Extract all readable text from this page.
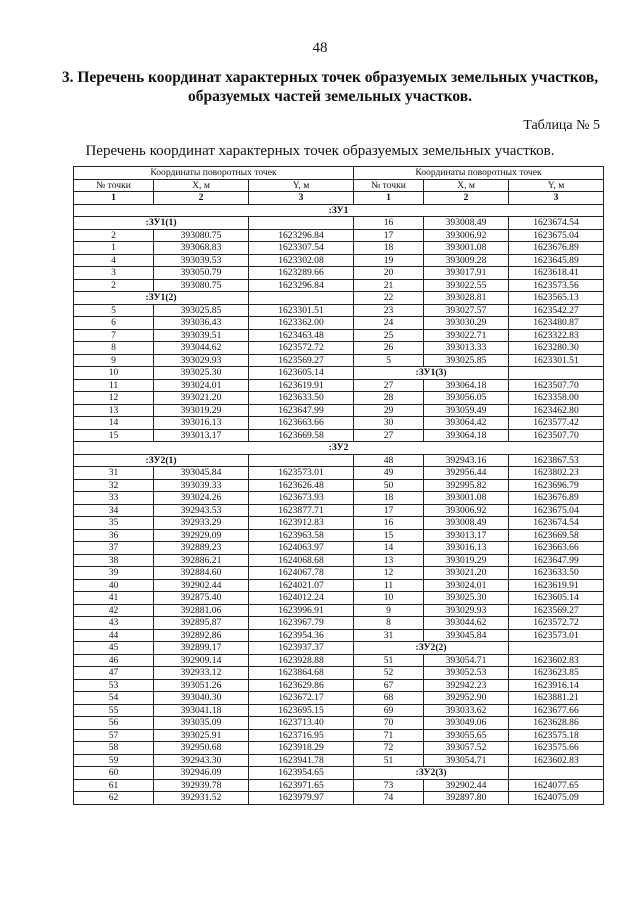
48
3. Перечень координат характерных точек образуемых земельных участков, образуемых частей земельных участков.
Таблица № 5
Перечень координат характерных точек образуемых земельных участков.
Координаты поворотных точек			Координаты поворотных точек		
№ точки	X, м	Y, м	№ точки	X, м	Y, м
1	2	3	1	2	3
:ЗУ1					
:ЗУ1(1)			16	393008.49	1623674.54
2	393080.75	1623296.84	17	393006.92	1623675.04
1	393068.83	1623307.54	18	393001.08	1623676.89
4	393039.53	1623302.08	19	393009.28	1623645.89
3	393050.79	1623289.66	20	393017.91	1623618.41
2	393080.75	1623296.84	21	393022.55	1623573.56
:ЗУ1(2)			22	393028.81	1623565.13
5	393025.85	1623301.51	23	393027.57	1623542.27
6	393036.43	1623362.00	24	393030.29	1623480.87
7	393039.51	1623463.48	25	393022.71	1623322.83
8	393044.62	1623572.72	26	393013.33	1623280.30
9	393029.93	1623569.27	5	393025.85	1623301.51
10	393025.30	1623605.14	:ЗУ1(3)		
11	393024.01	1623619.91	27	393064.18	1623507.70
12	393021.20	1623633.50	28	393056.05	1623358.00
13	393019.29	1623647.99	29	393059.49	1623462.80
14	393016.13	1623663.66	30	393064.42	1623577.42
15	393013.17	1623669.58	27	393064.18	1623507.70
:ЗУ2					
:ЗУ2(1)			48	392943.16	1623867.53
31	393045.84	1623573.01	49	392956.44	1623802.23
32	393039.33	1623626.48	50	392995.82	1623696.79
33	393024.26	1623673.93	18	393001.08	1623676.89
34	392943.53	1623877.71	17	393006.92	1623675.04
35	392933.29	1623912.83	16	393008.49	1623674.54
36	392929.09	1623963.58	15	393013.17	1623669.58
37	392889.23	1624063.97	14	393016.13	1623663.66
38	392886.21	1624068.68	13	393019.29	1623647.99
39	392884.60	1624067.78	12	393021.20	1623633.50
40	392902.44	1624021.07	11	393024.01	1623619.91
41	392875.40	1624012.24	10	393025.30	1623605.14
42	392881.06	1623996.91	9	393029.93	1623569.27
43	392895.87	1623967.79	8	393044.62	1623572.72
44	392892.86	1623954.36	31	393045.84	1623573.01
45	392899.17	1623937.37	:ЗУ2(2)		
46	392909.14	1623928.88	51	393054.71	1623602.83
47	392933.12	1623864.68	52	393052.53	1623623.85
53	393051.26	1623629.86	67	392942.23	1623916.14
54	393040.30	1623672.17	68	392952.90	1623881.21
55	393041.18	1623695.15	69	393033.62	1623677.66
56	393035.09	1623713.40	70	393049.06	1623628.86
57	393025.91	1623716.95	71	393055.65	1623575.18
58	392950.68	1623918.29	72	393057.52	1623575.66
59	392943.30	1623941.78	51	393054.71	1623602.83
60	392946.09	1623954.65	:ЗУ2(3)		
61	392939.78	1623971.65	73	392902.44	1624077.65
62	392931.52	1623979.97	74	392897.80	1624075.09
